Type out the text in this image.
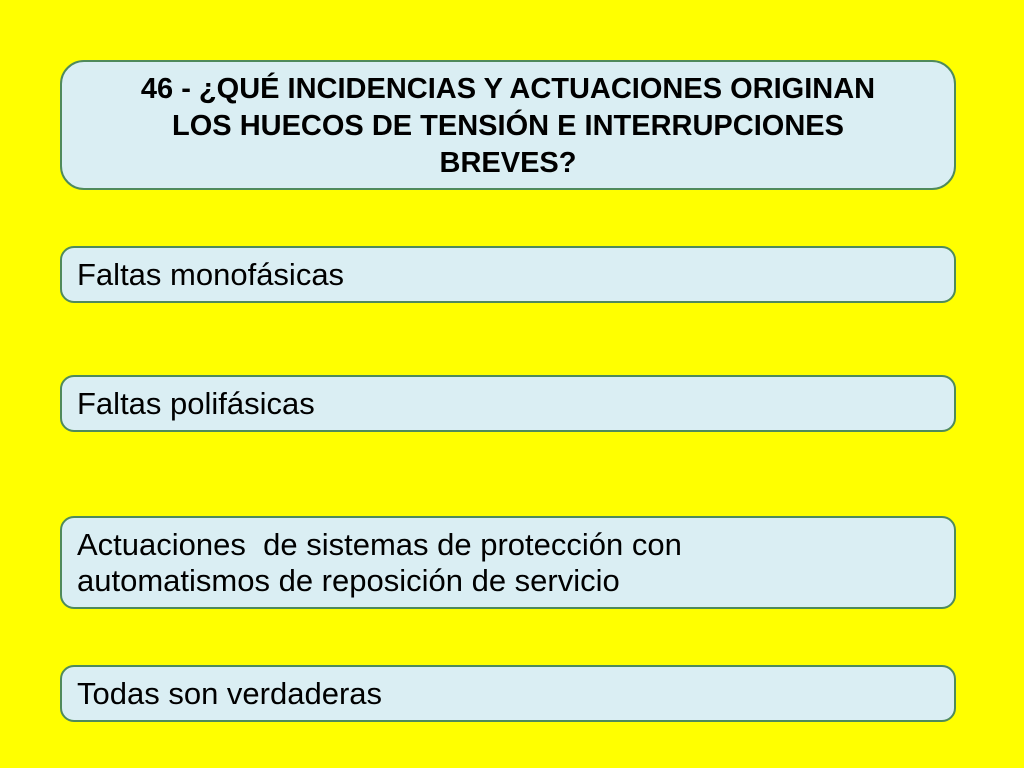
46 - ¿QUÉ INCIDENCIAS Y ACTUACIONES ORIGINAN LOS HUECOS DE TENSIÓN E INTERRUPCIONES BREVES?
Faltas monofásicas
Faltas polifásicas
Actuaciones  de sistemas de protección con automatismos de reposición de servicio
Todas son verdaderas
